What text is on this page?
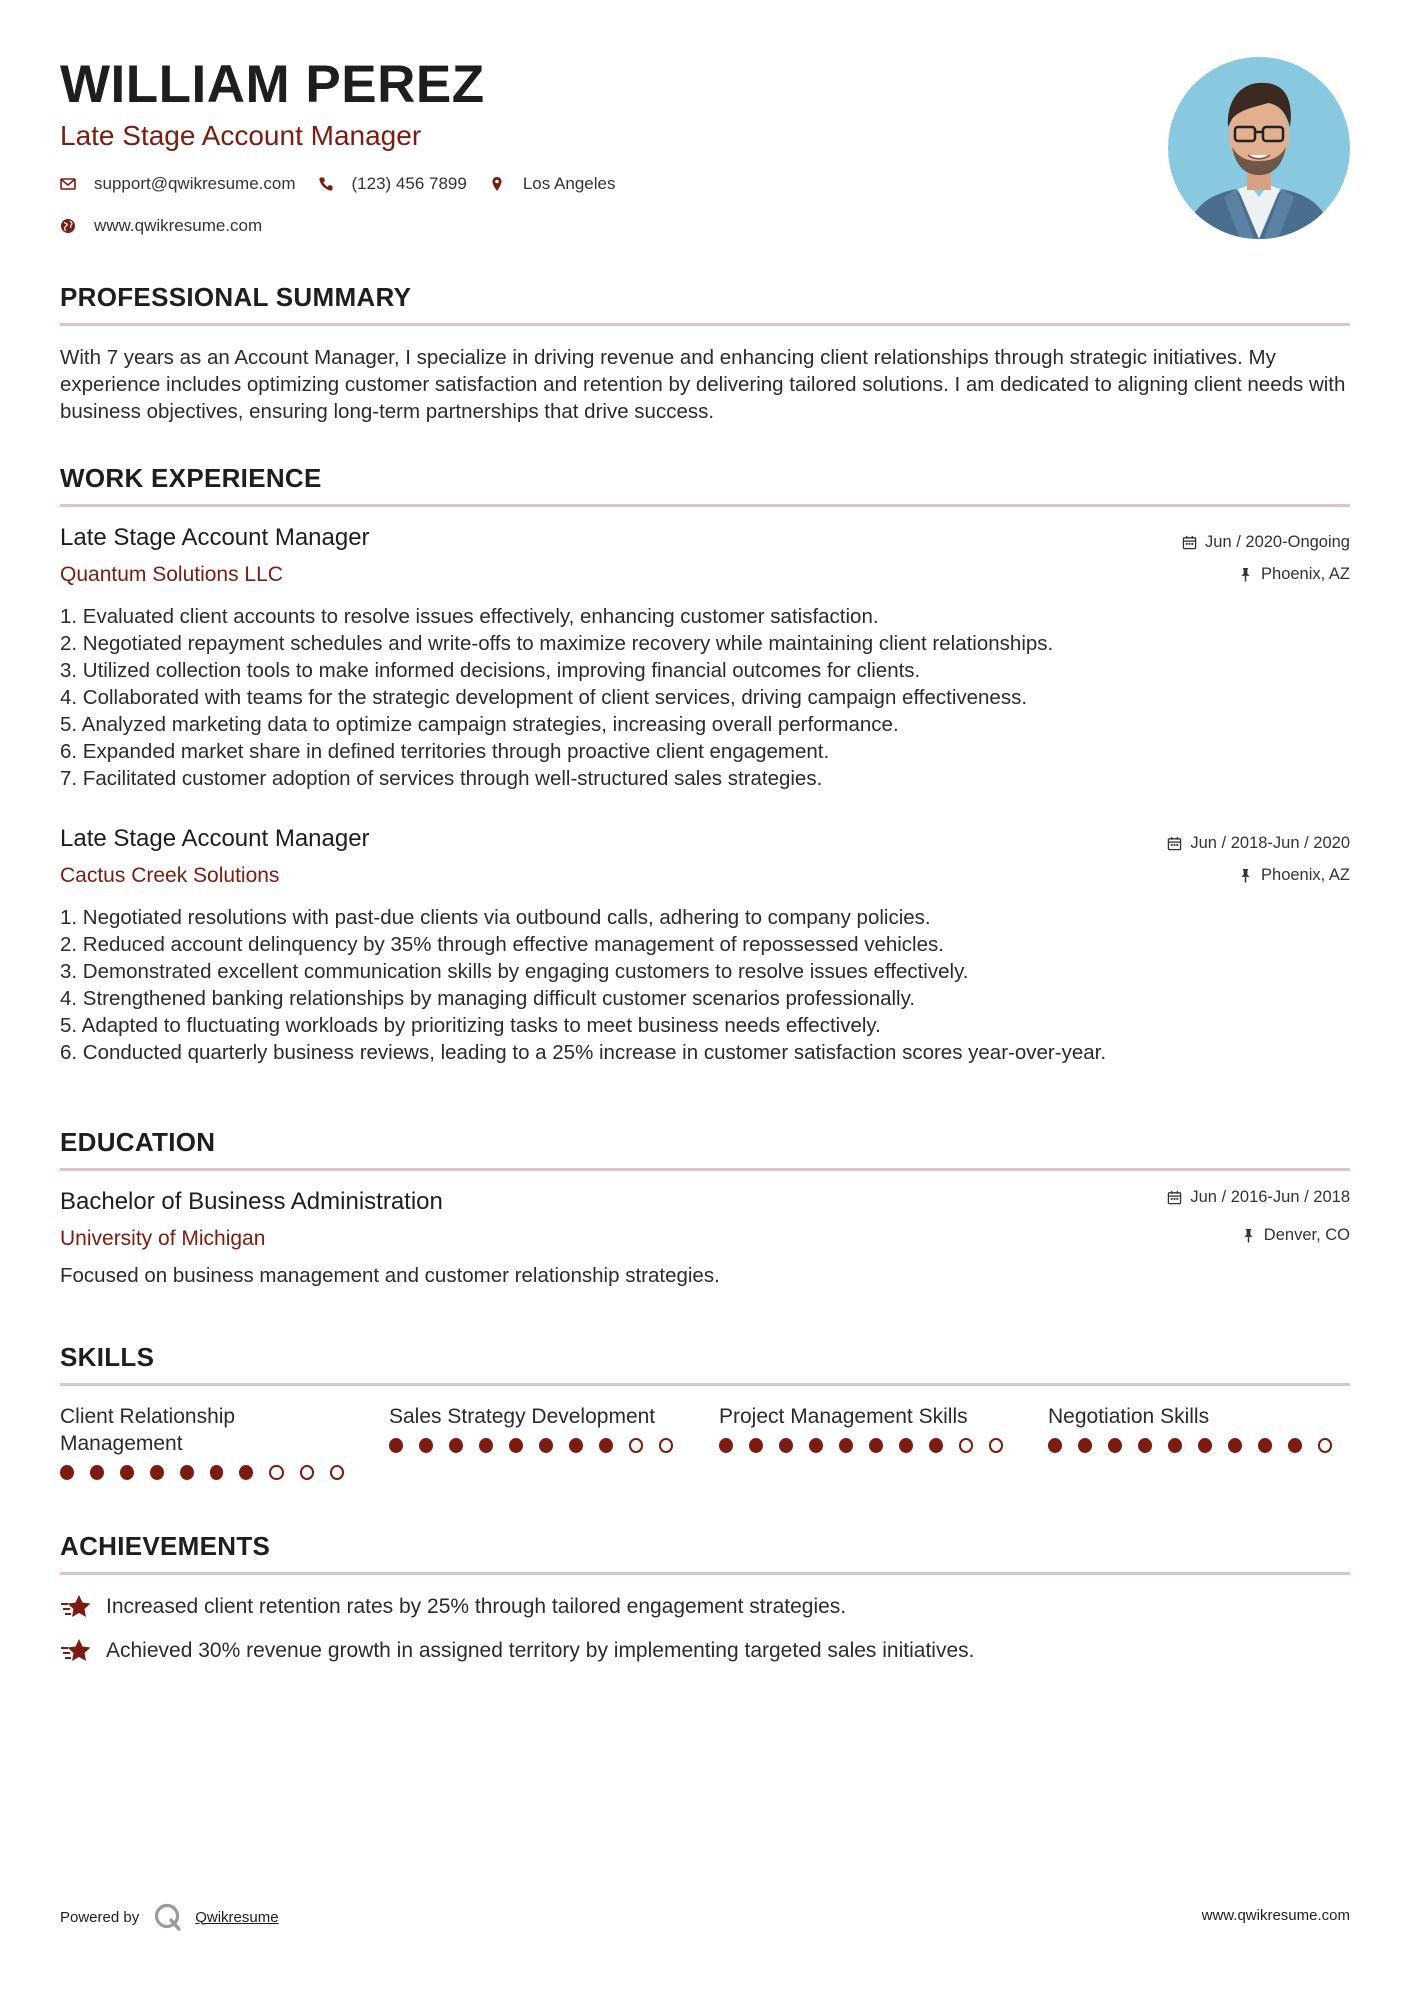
WILLIAM PEREZ
Late Stage Account Manager
support@qwikresume.com	(123) 456 7899	Los Angeles
www.qwikresume.com
PROFESSIONAL SUMMARY
With 7 years as an Account Manager, I specialize in driving revenue and enhancing client relationships through strategic initiatives. My experience includes optimizing customer satisfaction and retention by delivering tailored solutions. I am dedicated to aligning client needs with business objectives, ensuring long-term partnerships that drive success.
WORK EXPERIENCE
Late Stage Account Manager
Quantum Solutions LLC
Jun / 2020-Ongoing
Phoenix, AZ
1. Evaluated client accounts to resolve issues effectively, enhancing customer satisfaction.
2. Negotiated repayment schedules and write-offs to maximize recovery while maintaining client relationships.
3. Utilized collection tools to make informed decisions, improving financial outcomes for clients.
4. Collaborated with teams for the strategic development of client services, driving campaign effectiveness.
5. Analyzed marketing data to optimize campaign strategies, increasing overall performance.
6. Expanded market share in defined territories through proactive client engagement.
7. Facilitated customer adoption of services through well-structured sales strategies.
Late Stage Account Manager
Cactus Creek Solutions
Jun / 2018-Jun / 2020
Phoenix, AZ
1. Negotiated resolutions with past-due clients via outbound calls, adhering to company policies.
2. Reduced account delinquency by 35% through effective management of repossessed vehicles.
3. Demonstrated excellent communication skills by engaging customers to resolve issues effectively.
4. Strengthened banking relationships by managing difficult customer scenarios professionally.
5. Adapted to fluctuating workloads by prioritizing tasks to meet business needs effectively.
6. Conducted quarterly business reviews, leading to a 25% increase in customer satisfaction scores year-over-year.
EDUCATION
Bachelor of Business Administration
University of Michigan
Jun / 2016-Jun / 2018
Denver, CO
Focused on business management and customer relationship strategies.
SKILLS
Client Relationship Management
Sales Strategy Development	Project Management Skills	Negotiation Skills
ACHIEVEMENTS
Increased client retention rates by 25% through tailored engagement strategies.
Achieved 30% revenue growth in assigned territory by implementing targeted sales initiatives.
Powered by	Qwikresume	www.qwikresume.com
